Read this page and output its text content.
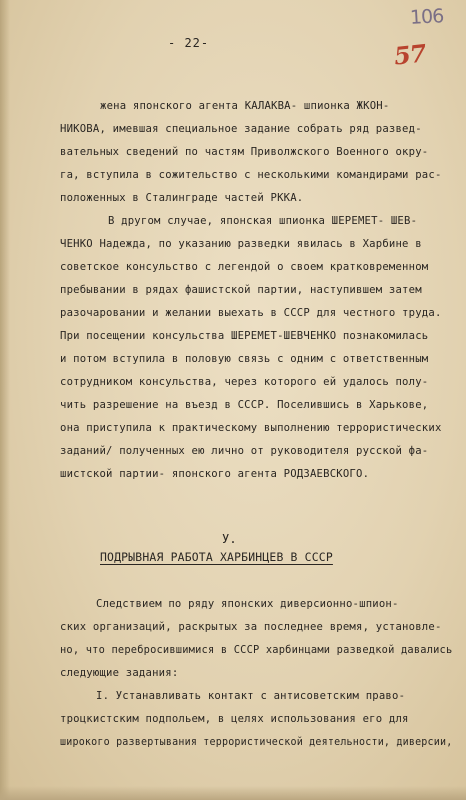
106
57
- 22-
жена японского агента КАЛАКВА- шпионка ЖКОН-
НИКОВА, имевшая специальное задание собрать ряд развед-
вательных сведений по частям Приволжского Военного окру-
га, вступила в сожительство с несколькими командирами рас-
положенных в Сталинграде частей РККА.
В другом случае, японская шпионка ШЕРЕМЕТ- ШЕВ-
ЧЕНКО Надежда, по указанию разведки явилась в Харбине в
советское консульство с легендой о своем кратковременном
пребывании в рядах фашистской партии, наступившем затем
разочаровании и желании выехать в СССР для честного труда.
При посещении консульства ШЕРЕМЕТ-ШЕВЧЕНКО познакомилась
и потом вступила в половую связь с одним с ответственным
сотрудником консульства, через которого ей удалось полу-
чить разрешение на въезд в СССР. Поселившись в Харькове,
она приступила к практическому выполнению террористических
заданий/ полученных ею лично от руководителя русской фа-
шистской партии- японского агента РОДЗАЕВСКОГО.
У.
ПОДРЫВНАЯ РАБОТА ХАРБИНЦЕВ В СССР
Следствием по ряду японских диверсионно-шпион-
ских организаций, раскрытых за последнее время, установле-
но, что перебросившимися в СССР харбинцами разведкой давались
следующие задания:
I. Устанавливать контакт с антисоветским право-
троцкистским подпольем, в целях использования его для
широкого развертывания террористической деятельности, диверсии,
